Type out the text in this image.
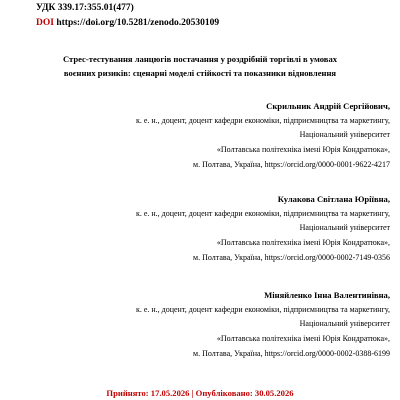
УДК 339.17:355.01(477)
DOI https://doi.org/10.5281/zenodo.20530109
Стрес-тестування ланцюгів постачання у роздрібній торгівлі в умовах
воєнних ризиків: сценарні моделі стійкості та показники відновлення
Скрильник Андрій Сергійович,
к. е. н., доцент, доцент кафедри економіки, підприємництва та маркетингу,
Національний університет
«Полтавська політехніка імені Юрія Кондратюка»,
м. Полтава, Україна, https://orcid.org/0000-0001-9622-4217
Кулакова Світлана Юріївна,
к. е. н., доцент, доцент кафедри економіки, підприємництва та маркетингу,
Національний університет
«Полтавська політехніка імені Юрія Кондратюка»,
м. Полтава, Україна, https://orcid.org/0000-0002-7149-0356
Міняйленко Інна Валентинівна,
к. е. н., доцент, доцент кафедри економіки, підприємництва та маркетингу,
Національний університет
«Полтавська політехніка імені Юрія Кондратюка»,
м. Полтава, Україна, https://orcid.org/0000-0002-0388-6199
Прийнято: 17.05.2026 | Опубліковано: 30.05.2026
